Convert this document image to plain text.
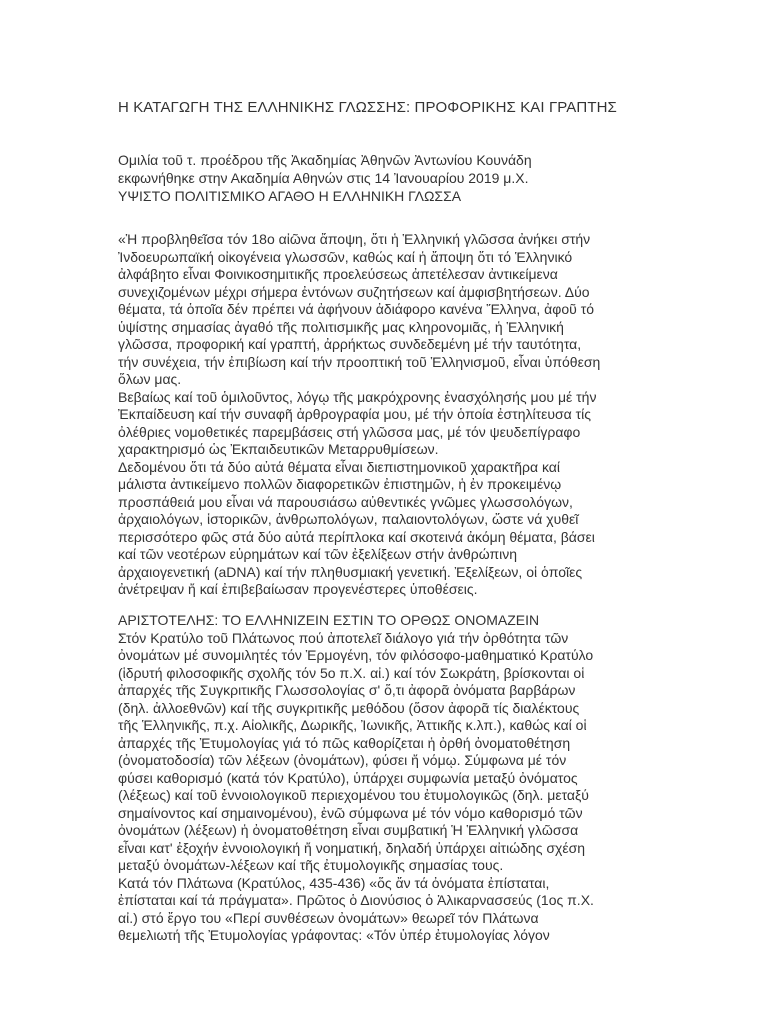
Η ΚΑΤΑΓΩΓΗ ΤΗΣ ΕΛΛΗΝΙΚΗΣ ΓΛΩΣΣΗΣ: ΠΡΟΦΟΡΙΚΗΣ ΚΑΙ ΓΡΑΠΤΗΣ
Ομιλία τοῦ τ. προέδρου τῆς Ἀκαδημίας Ἀθηνῶν Ἀντωνίου Κουνάδη
εκφωνήθηκε στην Ακαδημία Αθηνών στις 14 Ἰανουαρίου 2019 μ.Χ.
ΥΨΙΣΤΟ ΠΟΛΙΤΙΣΜΙΚΟ ΑΓΑΘΟ Η ΕΛΛΗΝΙΚΗ ΓΛΩΣΣΑ
«Ἡ προβληθεῖσα τόν 18ο αἰῶνα ἄποψη, ὅτι ἡ Ἑλληνική γλῶσσα ἀνήκει στήν
Ἰνδοευρωπαϊκή οἰκογένεια γλωσσῶν, καθώς καί ἡ ἄποψη ὅτι τό Ἑλληνικό
ἀλφάβητο εἶναι Φοινικοσημιτικῆς προελεύσεως ἀπετέλεσαν ἀντικείμενα
συνεχιζομένων μέχρι σήμερα ἐντόνων συζητήσεων καί ἀμφισβητήσεων. Δύο
θέματα, τά ὁποῖα δέν πρέπει νά ἀφήνουν ἀδιάφορο κανένα Ἕλληνα, ἀφοῦ τό
ὑψίστης σημασίας ἀγαθό τῆς πολιτισμικῆς μας κληρονομιᾶς, ἡ Ἑλληνική
γλῶσσα, προφορική καί γραπτή, ἀρρήκτως συνδεδεμένη μέ τήν ταυτότητα,
τήν συνέχεια, τήν ἐπιβίωση καί τήν προοπτική τοῦ Ἑλληνισμοῦ, εἶναι ὑπόθεση
ὅλων μας.
Βεβαίως καί τοῦ ὁμιλοῦντος, λόγῳ τῆς μακρόχρονης ἐνασχόλησής μου μέ τήν
Ἐκπαίδευση καί τήν συναφῆ ἀρθρογραφία μου, μέ τήν ὁποία ἐστηλίτευσα τίς
ὀλέθριες νομοθετικές παρεμβάσεις στή γλῶσσα μας, μέ τόν ψευδεπίγραφο
χαρακτηρισμό ὡς Ἐκπαιδευτικῶν Μεταρρυθμίσεων.
Δεδομένου ὅτι τά δύο αὐτά θέματα εἶναι διεπιστημονικοῦ χαρακτῆρα καί
μάλιστα ἀντικείμενο πολλῶν διαφορετικῶν ἐπιστημῶν, ἡ ἐν προκειμένῳ
προσπάθειά μου εἶναι νά παρουσιάσω αὐθεντικές γνῶμες γλωσσολόγων,
ἀρχαιολόγων, ἱστορικῶν, ἀνθρωπολόγων, παλαιοντολόγων, ὥστε νά χυθεῖ
περισσότερο φῶς στά δύο αὐτά περίπλοκα καί σκοτεινά ἀκόμη θέματα, βάσει
καί τῶν νεοτέρων εὑρημάτων καί τῶν ἐξελίξεων στήν ἀνθρώπινη
ἀρχαιογενετική (aDNA) καί τήν πληθυσμιακή γενετική. Ἐξελίξεων, οἱ ὁποῖες
ἀνέτρεψαν ἤ καί ἐπιβεβαίωσαν προγενέστερες ὑποθέσεις.
ΑΡΙΣΤΟΤΕΛΗΣ: ΤΟ ΕΛΛΗΝΙΖΕΙΝ ΕΣΤΙΝ ΤΟ ΟΡΘΩΣ ΟΝΟΜΑΖΕΙΝ
Στόν Κρατύλο τοῦ Πλάτωνος πού ἀποτελεῖ διάλογο γιά τήν ὀρθότητα τῶν
ὀνομάτων μέ συνομιλητές τόν Ἑρμογένη, τόν φιλόσοφο-μαθηματικό Κρατύλο
(ἱδρυτή φιλοσοφικῆς σχολῆς τόν 5ο π.Χ. αἰ.) καί τόν Σωκράτη, βρίσκονται οἱ
ἀπαρχές τῆς Συγκριτικῆς Γλωσσολογίας σ' ὅ,τι ἀφορᾶ ὀνόματα βαρβάρων
(δηλ. ἀλλοεθνῶν) καί τῆς συγκριτικῆς μεθόδου (ὅσον ἀφορᾶ τίς διαλέκτους
τῆς Ἑλληνικῆς, π.χ. Αἰολικῆς, Δωρικῆς, Ἰωνικῆς, Ἀττικῆς κ.λπ.), καθώς καί οἱ
ἀπαρχές τῆς Ἐτυμολογίας γιά τό πῶς καθορίζεται ἡ ὀρθή ὀνοματοθέτηση
(ὀνοματοδοσία) τῶν λέξεων (ὀνομάτων), φύσει ἤ νόμῳ. Σύμφωνα μέ τόν
φύσει καθορισμό (κατά τόν Κρατύλο), ὑπάρχει συμφωνία μεταξύ ὀνόματος
(λέξεως) καί τοῦ ἐννοιολογικοῦ περιεχομένου του ἐτυμολογικῶς (δηλ. μεταξύ
σημαίνοντος καί σημαινομένου), ἐνῶ σύμφωνα μέ τόν νόμο καθορισμό τῶν
ὀνομάτων (λέξεων) ἡ ὀνοματοθέτηση εἶναι συμβατική Ἡ Ἑλληνική γλῶσσα
εἶναι κατ' ἐξοχήν ἐννοιολογική ἤ νοηματική, δηλαδή ὑπάρχει αἰτιώδης σχέση
μεταξύ ὀνομάτων-λέξεων καί τῆς ἐτυμολογικῆς σημασίας τους.
Κατά τόν Πλάτωνα (Κρατύλος, 435-436) «ὅς ἄν τά ὀνόματα ἐπίσταται,
ἐπίσταται καί τά πράγματα». Πρῶτος ὁ Διονύσιος ὁ Ἁλικαρνασσεύς (1ος π.Χ.
αἰ.) στό ἔργο του «Περί συνθέσεων ὀνομάτων» θεωρεῖ τόν Πλάτωνα
θεμελιωτή τῆς Ἐτυμολογίας γράφοντας: «Τόν ὑπέρ ἐτυμολογίας λόγον
